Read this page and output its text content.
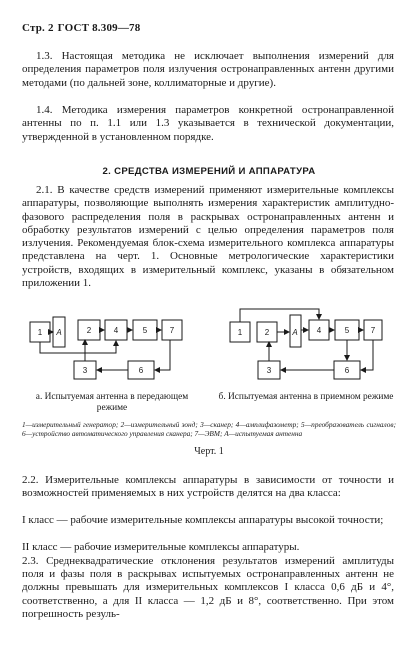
Стр. 2 ГОСТ 8.309—78

1.3. Настоящая методика не исключает выполнения измерений для определения параметров поля излучения остронаправленных антенн другими методами (по дальней зоне, коллиматорные и другие).

1.4. Методика измерения параметров конкретной остронаправленной антенны по п. 1.1 или 1.3 указывается в технической документации, утвержденной в установленном порядке.

2. СРЕДСТВА ИЗМЕРЕНИЙ И АППАРАТУРА

2.1. В качестве средств измерений применяют измерительные комплексы аппаратуры, позволяющие выполнять измерения характеристик амплитудно-фазового распределения поля в раскрывах остронаправленных антенн и обработку результатов измерений с целью определения параметров поля излучения. Рекомендуемая блок-схема измерительного комплекса аппаратуры представлена на черт. 1. Основные метрологические характеристики устройств, входящих в измерительный комплекс, указаны в обязательном приложении 1.

1 А	2	4	5	7
3	6
1	2	А 4	5	7
3	6
а. Испытуемая антенна в передающем режиме
б. Испытуемая антенна в приемном режиме
1—измерительный генератор; 2—измерительный зонд; 3—сканер; 4—амплифазометр; 5—преобразователь сигналов; 6—устройство автоматического управления сканера; 7—ЭВМ; А—испытуемая антенна
Черт. 1

2.2. Измерительные комплексы аппаратуры в зависимости от точности и возможностей применяемых в них устройств делятся на два класса:

I класс — рабочие измерительные комплексы аппаратуры высокой точности;

II класс — рабочие измерительные комплексы аппаратуры.

2.3. Среднеквадратические отклонения результатов измерений амплитуды поля и фазы поля в раскрывах испытуемых остронаправленных антенн не должны превышать для измерительных комплексов I класса 0,6 дБ и 4°, соответственно, а для II класса — 1,2 дБ и 8°, соответственно. При этом погрешность резуль-
